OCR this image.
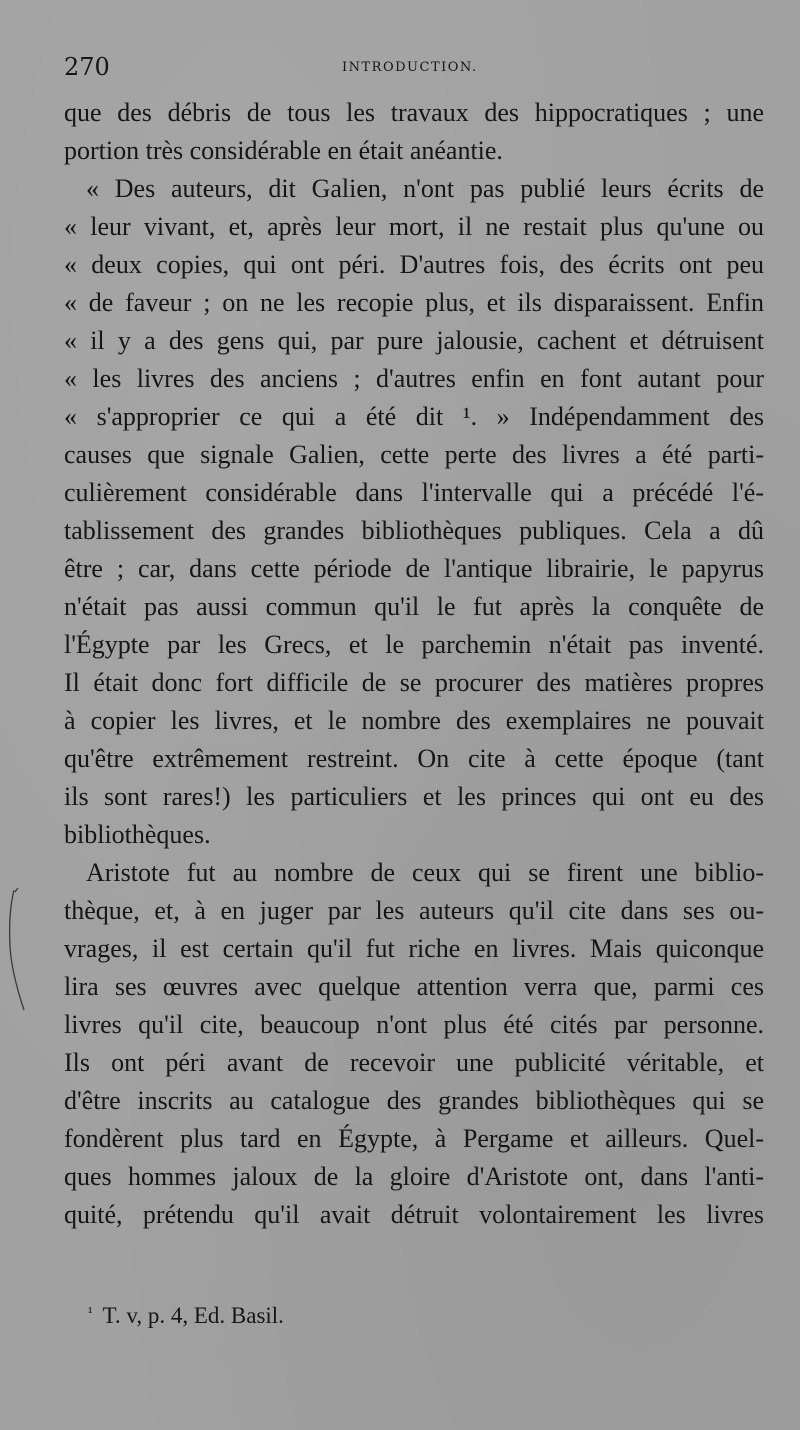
270	INTRODUCTION.
que des débris de tous les travaux des hippocratiques ; une
portion très considérable en était anéantie.
« Des auteurs, dit Galien, n'ont pas publié leurs écrits de
« leur vivant, et, après leur mort, il ne restait plus qu'une ou
« deux copies, qui ont péri. D'autres fois, des écrits ont peu
« de faveur ; on ne les recopie plus, et ils disparaissent. Enfin
« il y a des gens qui, par pure jalousie, cachent et détruisent
« les livres des anciens ; d'autres enfin en font autant pour
« s'approprier ce qui a été dit ¹. » Indépendamment des
causes que signale Galien, cette perte des livres a été parti-
culièrement considérable dans l'intervalle qui a précédé l'é-
tablissement des grandes bibliothèques publiques. Cela a dû
être ; car, dans cette période de l'antique librairie, le papyrus
n'était pas aussi commun qu'il le fut après la conquête de
l'Égypte par les Grecs, et le parchemin n'était pas inventé.
Il était donc fort difficile de se procurer des matières propres
à copier les livres, et le nombre des exemplaires ne pouvait
qu'être extrêmement restreint. On cite à cette époque (tant
ils sont rares!) les particuliers et les princes qui ont eu des
bibliothèques.
Aristote fut au nombre de ceux qui se firent une biblio-
thèque, et, à en juger par les auteurs qu'il cite dans ses ou-
vrages, il est certain qu'il fut riche en livres. Mais quiconque
lira ses œuvres avec quelque attention verra que, parmi ces
livres qu'il cite, beaucoup n'ont plus été cités par personne.
Ils ont péri avant de recevoir une publicité véritable, et
d'être inscrits au catalogue des grandes bibliothèques qui se
fondèrent plus tard en Égypte, à Pergame et ailleurs. Quel-
ques hommes jaloux de la gloire d'Aristote ont, dans l'anti-
quité, prétendu qu'il avait détruit volontairement les livres
$^{^1}$ T. v, p. 4, Ed. Basil.
